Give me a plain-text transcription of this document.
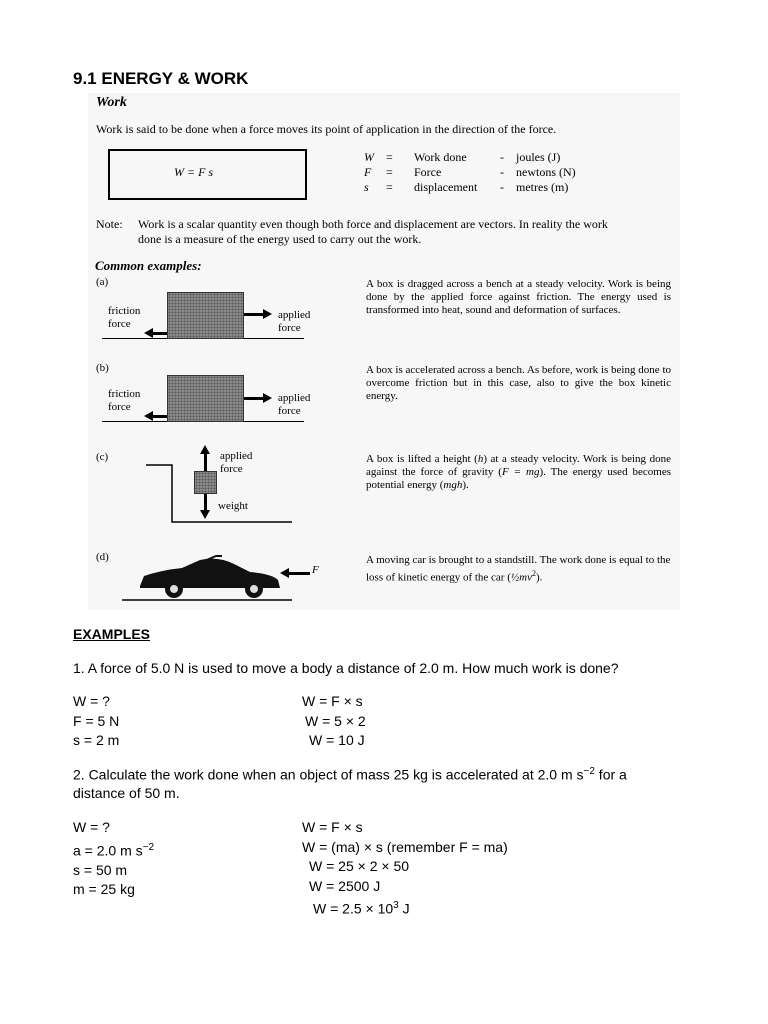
9.1 ENERGY & WORK
Work
Work is said to be done when a force moves its point of application in the direction of the force.
W = F s
W	=	Work done	-	joules (J)
F	=	Force	-	newtons (N)
s	=	displacement	-	metres (m)
Note: Work is a scalar quantity even though both force and displacement are vectors. In reality the work
done is a measure of the energy used to carry out the work.
Common examples:
(a)
friction
force
applied
force
A box is dragged across a bench at a steady velocity. Work is being done by the applied force against friction. The energy used is transformed into heat, sound and deformation of surfaces.
(b)
friction
force
applied
force
A box is accelerated across a bench. As before, work is being done to overcome friction but in this case, also to give the box kinetic energy.
(c)	applied
force
weight
A box is lifted a height (h) at a steady velocity. Work is being done against the force of gravity (F = mg). The energy used becomes potential energy (mgh).
(d)
F
A moving car is brought to a standstill. The work done is equal to the loss of kinetic energy of the car $(\frac{1}{2}mv^2)$.
EXAMPLES
1. A force of 5.0 N is used to move a body a distance of 2.0 m. How much work is done?
W = ?
F = 5 N
s = 2 m
W = F × s
W = 5 × 2
W = 10 J
2. Calculate the work done when an object of mass 25 kg is accelerated at 2.0 m $s^{-2}$ for a
distance of 50 m.
W = ?
a = 2.0 m $s^{-2}$
s = 50 m
m = 25 kg
W = F × s
W = (ma) × s (remember F = ma)
W = 25 × 2 × 50
W = 2500 J
$W = 2.5 \times 10^3$ J
